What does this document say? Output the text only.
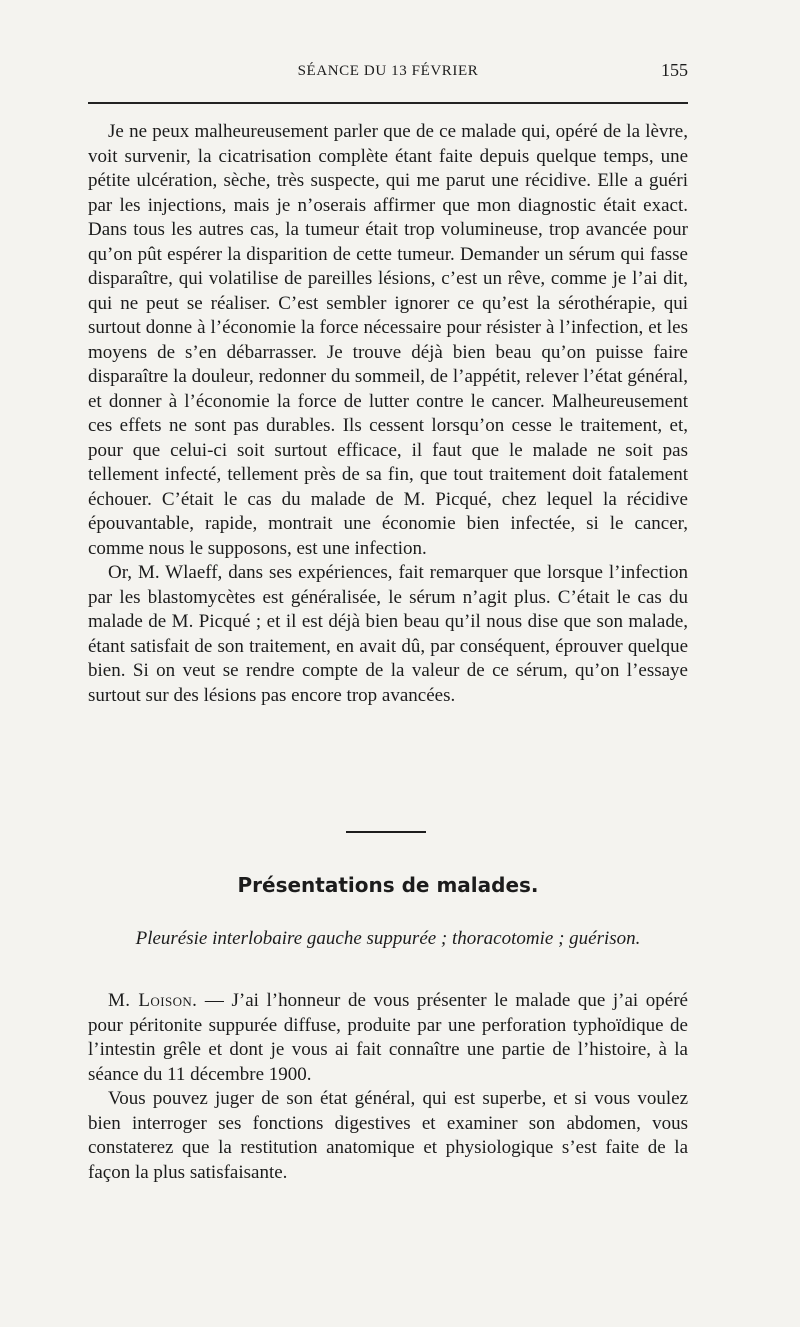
SÉANCE DU 13 FÉVRIER	155

Je ne peux malheureusement parler que de ce malade qui, opéré de la lèvre, voit survenir, la cicatrisation complète étant faite depuis quelque temps, une pétite ulcération, sèche, très suspecte, qui me parut une récidive. Elle a guéri par les injections, mais je n’oserais affirmer que mon diagnostic était exact. Dans tous les autres cas, la tumeur était trop volumineuse, trop avancée pour qu’on pût espérer la disparition de cette tumeur. Demander un sérum qui fasse disparaître, qui volatilise de pareilles lésions, c’est un rêve, comme je l’ai dit, qui ne peut se réaliser. C’est sembler ignorer ce qu’est la sérothérapie, qui surtout donne à l’économie la force nécessaire pour résister à l’infection, et les moyens de s’en débarrasser. Je trouve déjà bien beau qu’on puisse faire disparaître la douleur, redonner du sommeil, de l’appétit, relever l’état général, et donner à l’économie la force de lutter contre le cancer. Malheureusement ces effets ne sont pas durables. Ils cessent lorsqu’on cesse le traitement, et, pour que celui-ci soit surtout efficace, il faut que le malade ne soit pas tellement infecté, tellement près de sa fin, que tout traitement doit fatalement échouer. C’était le cas du malade de M. Picqué, chez lequel la récidive épouvantable, rapide, montrait une économie bien infectée, si le cancer, comme nous le supposons, est une infection.

Or, M. Wlaeff, dans ses expériences, fait remarquer que lorsque l’infection par les blastomycètes est généralisée, le sérum n’agit plus. C’était le cas du malade de M. Picqué ; et il est déjà bien beau qu’il nous dise que son malade, étant satisfait de son traitement, en avait dû, par conséquent, éprouver quelque bien. Si on veut se rendre compte de la valeur de ce sérum, qu’on l’essaye surtout sur des lésions pas encore trop avancées.

Présentations de malades.
Pleurésie interlobaire gauche suppurée ; thoracotomie ; guérison.

M. Loison. — J’ai l’honneur de vous présenter le malade que j’ai opéré pour péritonite suppurée diffuse, produite par une perforation typhoïdique de l’intestin grêle et dont je vous ai fait connaître une partie de l’histoire, à la séance du 11 décembre 1900.

Vous pouvez juger de son état général, qui est superbe, et si vous voulez bien interroger ses fonctions digestives et examiner son abdomen, vous constaterez que la restitution anatomique et physiologique s’est faite de la façon la plus satisfaisante.
